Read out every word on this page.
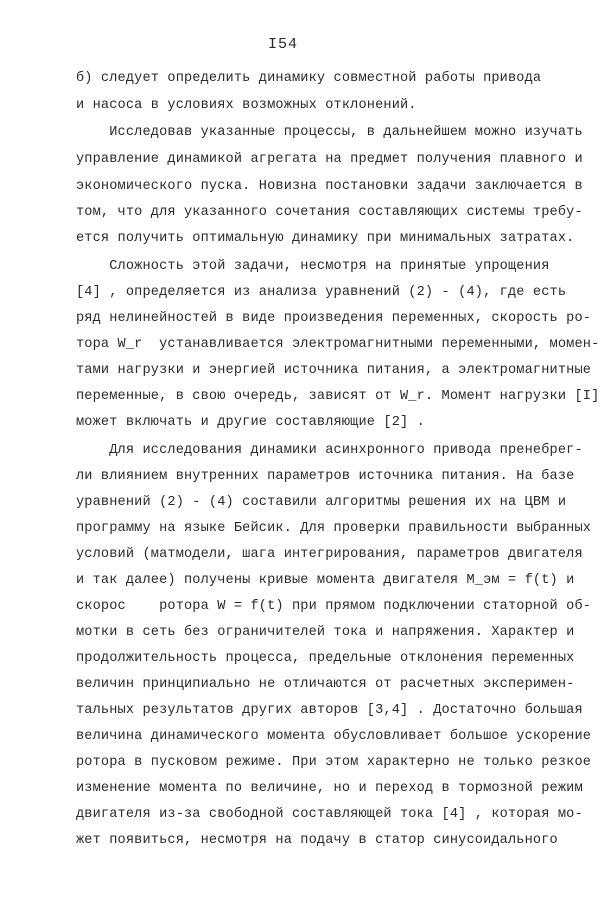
I54
б) следует определить динамику совместной работы привода
и насоса в условиях возможных отклонений.
Исследовав указанные процессы, в дальнейшем можно изучать
управление динамикой агрегата на предмет получения плавного и
экономического пуска. Новизна постановки задачи заключается в
том, что для указанного сочетания составляющих системы требу-
ется получить оптимальную динамику при минимальных затратах.
Сложность этой задачи, несмотря на принятые упрощения
[4] , определяется из анализа уравнений (2) - (4), где есть
ряд нелинейностей в виде произведения переменных, скорость ро-
тора W_r  устанавливается электромагнитными переменными, момен-
тами нагрузки и энергией источника питания, а электромагнитные
переменные, в свою очередь, зависят от W_r. Момент нагрузки [I]
может включать и другие составляющие [2] .
Для исследования динамики асинхронного привода пренебрег-
ли влиянием внутренних параметров источника питания. На базе
уравнений (2) - (4) составили алгоритмы решения их на ЦВМ и
программу на языке Бейсик. Для проверки правильности выбранных
условий (матмодели, шага интегрирования, параметров двигателя
и так далее) получены кривые момента двигателя M_эм = f(t) и
скорос    ротора W = f(t) при прямом подключении статорной об-
мотки в сеть без ограничителей тока и напряжения. Характер и
продолжительность процесса, предельные отклонения переменных
величин принципиально не отличаются от расчетных эксперимен-
тальных результатов других авторов [3,4] . Достаточно большая
величина динамического момента обусловливает большое ускорение
ротора в пусковом режиме. При этом характерно не только резкое
изменение момента по величине, но и переход в тормозной режим
двигателя из-за свободной составляющей тока [4] , которая мо-
жет появиться, несмотря на подачу в статор синусоидального
